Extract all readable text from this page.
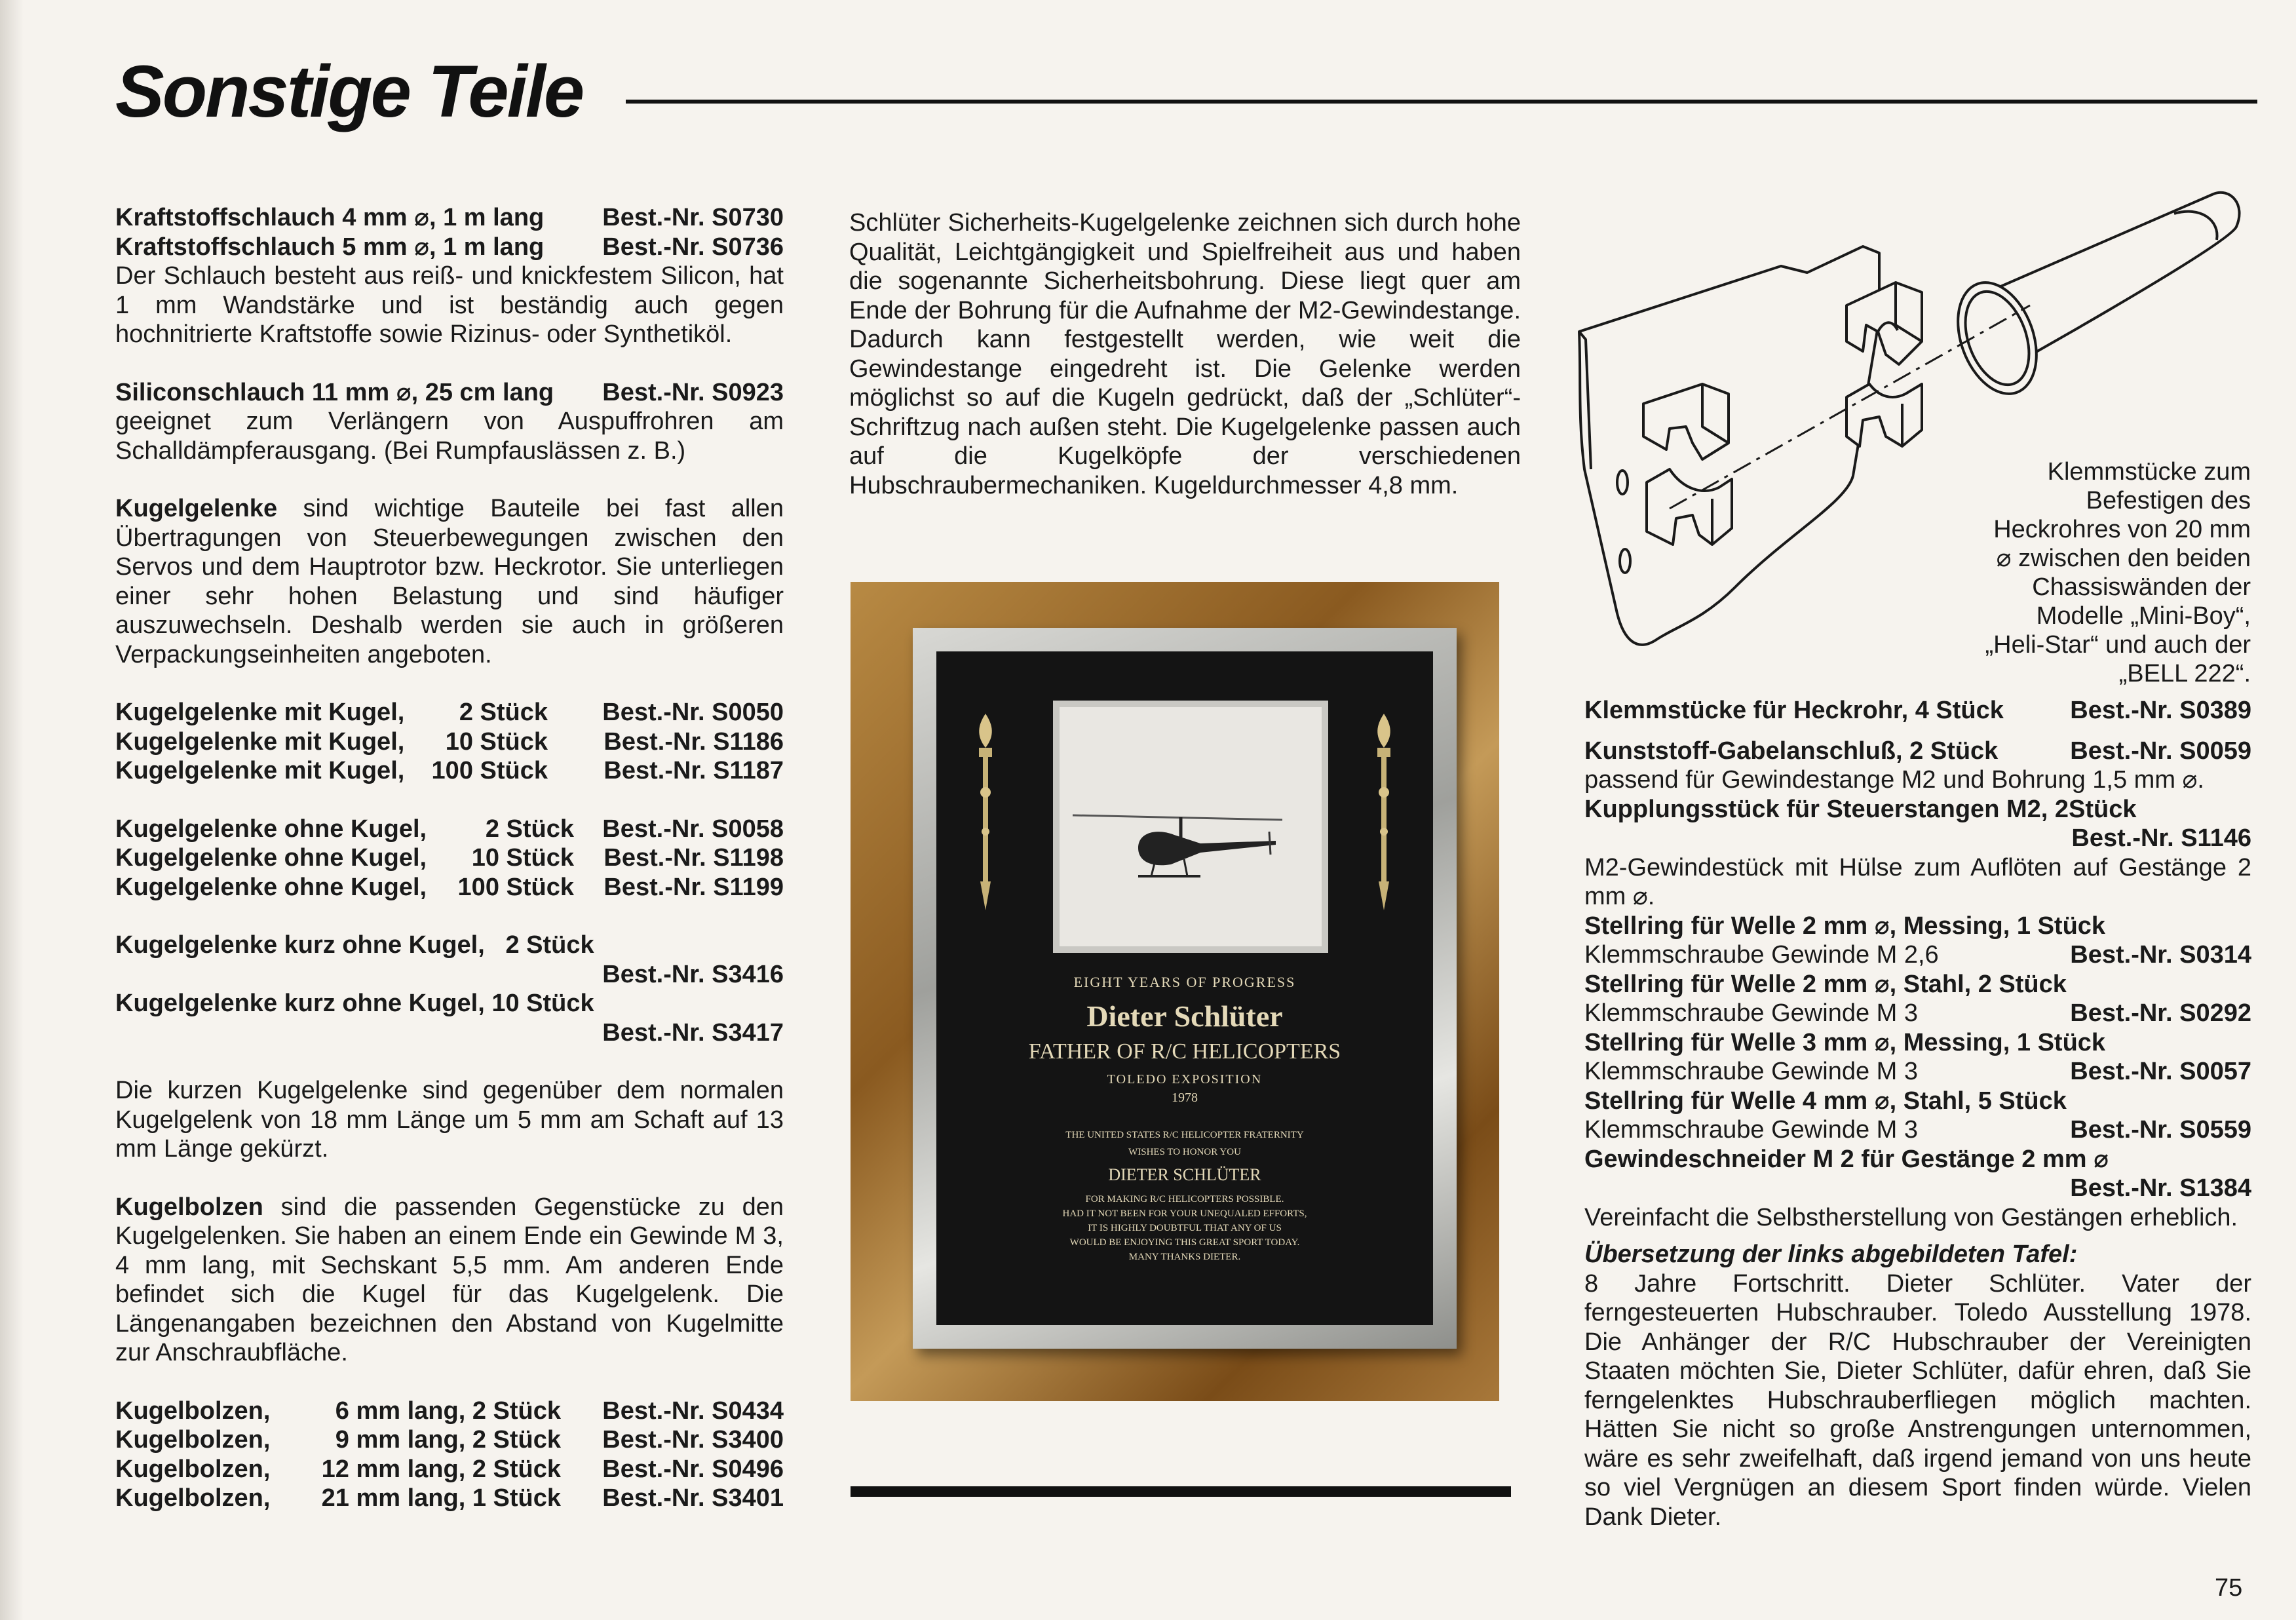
Sonstige Teile
Kraftstoffschlauch 4 mm ⌀, 1 m lang Best.-Nr. S0730
Kraftstoffschlauch 5 mm ⌀, 1 m lang Best.-Nr. S0736

Der Schlauch besteht aus reiß- und knickfestem Silicon, hat 1 mm Wandstärke und ist beständig auch gegen hochnitrierte Kraftstoffe sowie Rizinus- oder Synthetiköl.

Siliconschlauch 11 mm ⌀, 25 cm lang Best.-Nr. S0923

geeignet zum Verlängern von Auspuffrohren am Schalldämpferausgang. (Bei Rumpfauslässen z. B.)

Kugelgelenke sind wichtige Bauteile bei fast allen Übertragungen von Steuerbewegungen zwischen den Servos und dem Hauptrotor bzw. Heckrotor. Sie unterliegen einer sehr hohen Belastung und sind häufiger auszuwechseln. Deshalb werden sie auch in größeren Verpackungseinheiten angeboten.

Kugelgelenke mit Kugel,	2 Stück	Best.-Nr. S0050
Kugelgelenke mit Kugel,	10 Stück	Best.-Nr. S1186
Kugelgelenke mit Kugel,	100 Stück	Best.-Nr. S1187
Kugelgelenke ohne Kugel,	2 Stück	Best.-Nr. S0058
Kugelgelenke ohne Kugel,	10 Stück	Best.-Nr. S1198
Kugelgelenke ohne Kugel,	100 Stück	Best.-Nr. S1199
Kugelgelenke kurz ohne Kugel, 2 Stück
Best.-Nr. S3416
Kugelgelenke kurz ohne Kugel, 10 Stück
Best.-Nr. S3417

Die kurzen Kugelgelenke sind gegenüber dem normalen Kugelgelenk von 18 mm Länge um 5 mm am Schaft auf 13 mm Länge gekürzt.

Kugelbolzen sind die passenden Gegenstücke zu den Kugelgelenken. Sie haben an einem Ende ein Gewinde M 3, 4 mm lang, mit Sechskant 5,5 mm. Am anderen Ende befindet sich die Kugel für das Kugelgelenk. Die Längenangaben bezeichnen den Abstand von Kugelmitte zur Anschraubfläche.

Kugelbolzen,	6 mm lang, 2 Stück	Best.-Nr. S0434
Kugelbolzen,	9 mm lang, 2 Stück	Best.-Nr. S3400
Kugelbolzen,	12 mm lang, 2 Stück	Best.-Nr. S0496
Kugelbolzen,	21 mm lang, 1 Stück	Best.-Nr. S3401

Schlüter Sicherheits-Kugelgelenke zeichnen sich durch hohe Qualität, Leichtgängigkeit und Spielfreiheit aus und haben die sogenannte Sicherheitsbohrung. Diese liegt quer am Ende der Bohrung für die Aufnahme der M2-Gewindestange. Dadurch kann festgestellt werden, wie weit die Gewindestange eingedreht ist. Die Gelenke werden möglichst so auf die Kugeln gedrückt, daß der „Schlüter“-Schriftzug nach außen steht. Die Kugelgelenke passen auch auf die Kugelköpfe der verschiedenen Hubschraubermechaniken. Kugeldurchmesser 4,8 mm.

EIGHT YEARS OF PROGRESS
Dieter Schlüter
FATHER OF R/C HELICOPTERS
TOLEDO EXPOSITION
1978
THE UNITED STATES R/C HELICOPTER FRATERNITY
WISHES TO HONOR YOU
DIETER SCHLÜTER
FOR MAKING R/C HELICOPTERS POSSIBLE.
HAD IT NOT BEEN FOR YOUR UNEQUALED EFFORTS,
IT IS HIGHLY DOUBTFUL THAT ANY OF US
WOULD BE ENJOYING THIS GREAT SPORT TODAY.
MANY THANKS DIETER.
Klemmstücke zum Befestigen des Heckrohres von 20 mm ⌀ zwischen den beiden Chassiswänden der Modelle „Mini-Boy“, „Heli-Star“ und auch der „BELL 222“.
Klemmstücke für Heckrohr, 4 Stück	Best.-Nr. S0389

Kunststoff-Gabelanschluß, 2 Stück	Best.-Nr. S0059

passend für Gewindestange M2 und Bohrung 1,5 mm ⌀.

Kupplungsstück für Steuerstangen M2, 2Stück

Best.-Nr. S1146

M2-Gewindestück mit Hülse zum Auflöten auf Gestänge 2 mm ⌀.

Stellring für Welle 2 mm ⌀, Messing, 1 Stück

Klemmschraube Gewinde M 2,6	Best.-Nr. S0314

Stellring für Welle 2 mm ⌀, Stahl, 2 Stück

Klemmschraube Gewinde M 3	Best.-Nr. S0292

Stellring für Welle 3 mm ⌀, Messing, 1 Stück

Klemmschraube Gewinde M 3	Best.-Nr. S0057

Stellring für Welle 4 mm ⌀, Stahl, 5 Stück

Klemmschraube Gewinde M 3	Best.-Nr. S0559

Gewindeschneider M 2 für Gestänge 2 mm ⌀

Best.-Nr. S1384

Vereinfacht die Selbstherstellung von Gestängen erheblich.

Übersetzung der links abgebildeten Tafel:

8 Jahre Fortschritt. Dieter Schlüter. Vater der ferngesteuerten Hubschrauber. Toledo Ausstellung 1978. Die Anhänger der R/C Hubschrauber der Vereinigten Staaten möchten Sie, Dieter Schlüter, dafür ehren, daß Sie ferngelenktes Hubschrauberfliegen möglich machten. Hätten Sie nicht so große Anstrengungen unternommen, wäre es sehr zweifelhaft, daß irgend jemand von uns heute so viel Vergnügen an diesem Sport finden würde. Vielen Dank Dieter.

75
